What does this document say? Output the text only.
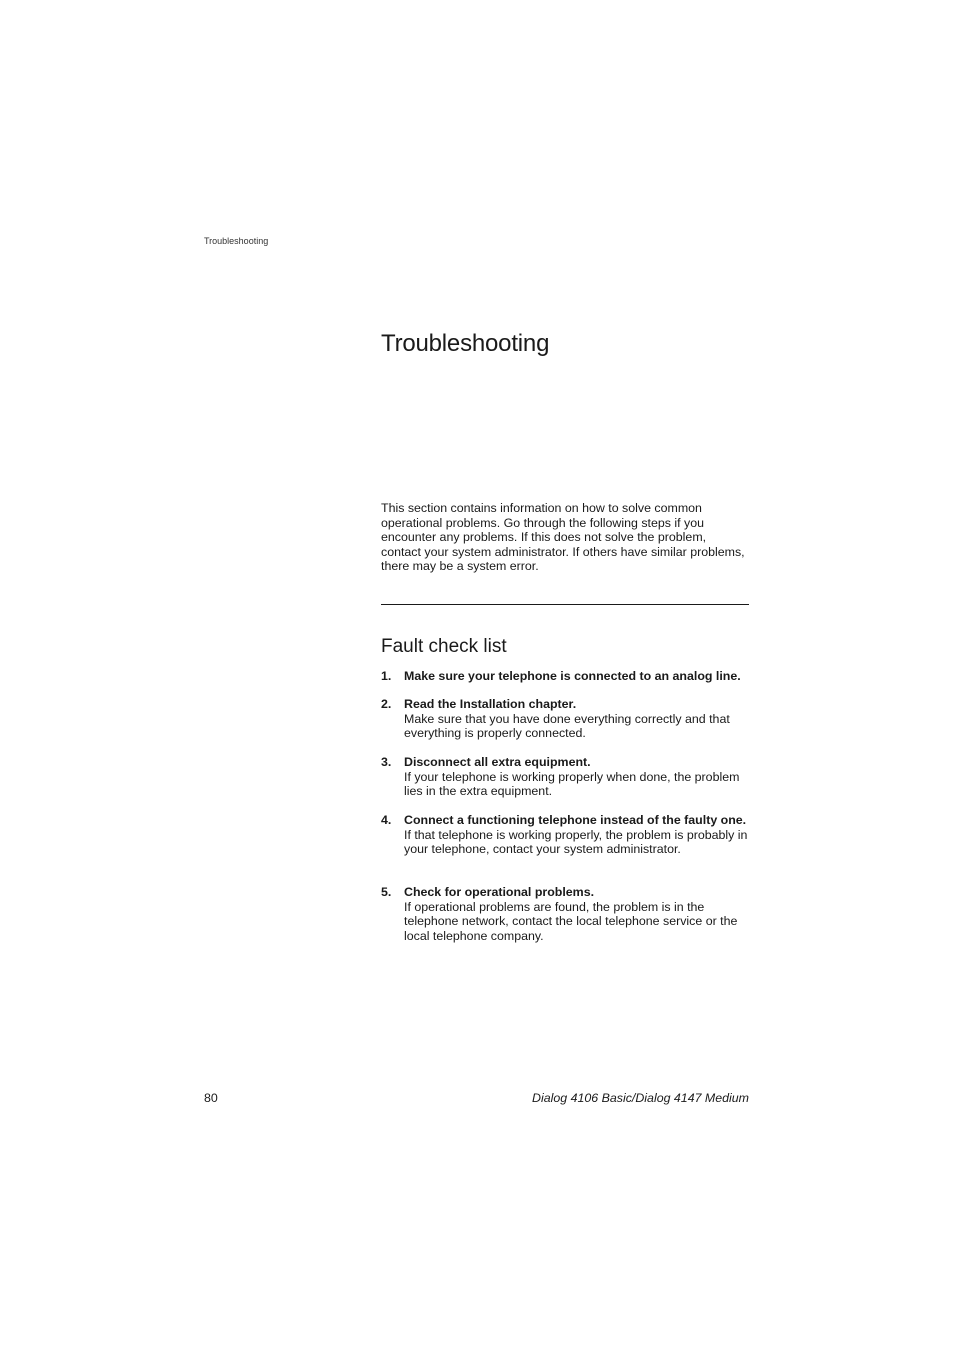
Troubleshooting
Troubleshooting

This section contains information on how to solve common operational problems. Go through the following steps if you encounter any problems. If this does not solve the problem, contact your system administrator. If others have similar problems, there may be a system error.

Fault check list
1. Make sure your telephone is connected to an analog line.
2. Read the Installation chapter.
Make sure that you have done everything correctly and that everything is properly connected.
3. Disconnect all extra equipment.
If your telephone is working properly when done, the problem lies in the extra equipment.
4. Connect a functioning telephone instead of the faulty one.
If that telephone is working properly, the problem is probably in your telephone, contact your system administrator.
5. Check for operational problems.
If operational problems are found, the problem is in the telephone network, contact the local telephone service or the local telephone company.
80	Dialog 4106 Basic/Dialog 4147 Medium
